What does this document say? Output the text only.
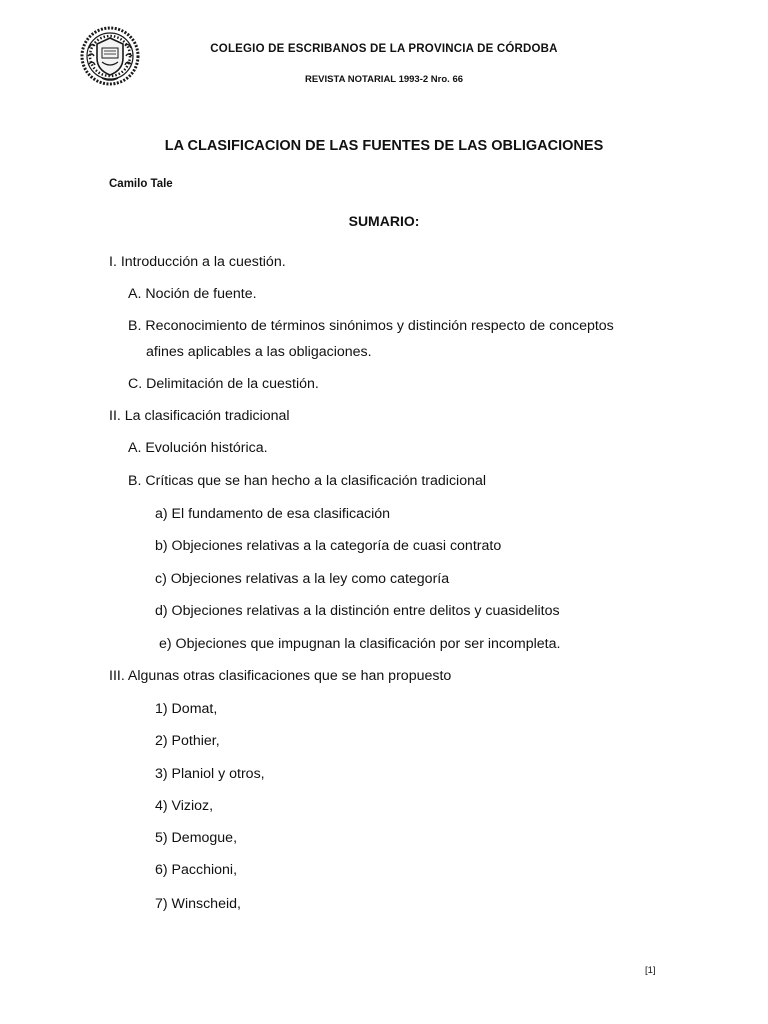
COLEGIO DE ESCRIBANOS DE LA PROVINCIA DE CÓRDOBA
REVISTA NOTARIAL 1993-2 Nro. 66
LA CLASIFICACION DE LAS FUENTES DE LAS OBLIGACIONES
Camilo Tale
SUMARIO:
I. Introducción a la cuestión.
A. Noción de fuente.
B. Reconocimiento de términos sinónimos y distinción respecto de conceptos
afines aplicables a las obligaciones.
C. Delimitación de la cuestión.
II. La clasificación tradicional
A. Evolución histórica.
B. Críticas que se han hecho a la clasificación tradicional
a) El fundamento de esa clasificación
b) Objeciones relativas a la categoría de cuasi contrato
c) Objeciones relativas a la ley como categoría
d) Objeciones relativas a la distinción entre delitos y cuasidelitos
e) Objeciones que impugnan la clasificación por ser incompleta.
III. Algunas otras clasificaciones que se han propuesto
1) Domat,
2) Pothier,
3) Planiol y otros,
4) Vizioz,
5) Demogue,
6) Pacchioni,
7) Winscheid,
[1]
